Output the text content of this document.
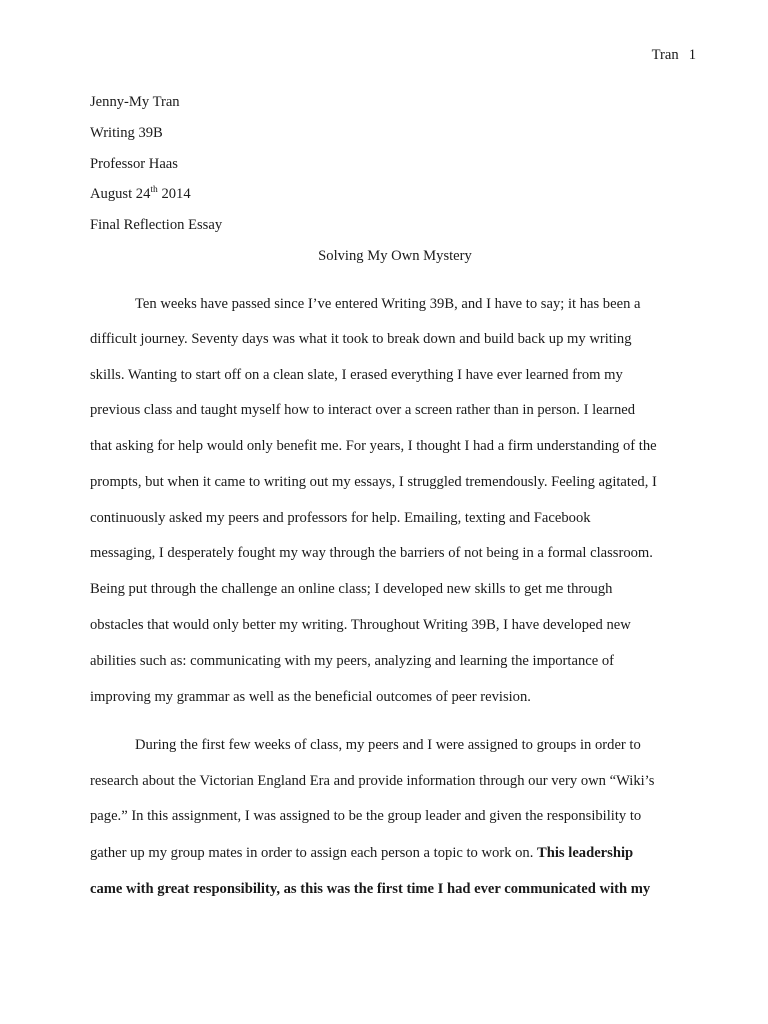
Tran 1
Jenny-My Tran
Writing 39B
Professor Haas
August 24th 2014
Final Reflection Essay
Solving My Own Mystery
Ten weeks have passed since I’ve entered Writing 39B, and I have to say; it has been a
difficult journey. Seventy days was what it took to break down and build back up my writing
skills. Wanting to start off on a clean slate, I erased everything I have ever learned from my
previous class and taught myself how to interact over a screen rather than in person. I learned
that asking for help would only benefit me. For years, I thought I had a firm understanding of the
prompts, but when it came to writing out my essays, I struggled tremendously. Feeling agitated, I
continuously asked my peers and professors for help. Emailing, texting and Facebook
messaging, I desperately fought my way through the barriers of not being in a formal classroom.
Being put through the challenge an online class; I developed new skills to get me through
obstacles that would only better my writing. Throughout Writing 39B, I have developed new
abilities such as: communicating with my peers, analyzing and learning the importance of
improving my grammar as well as the beneficial outcomes of peer revision.
During the first few weeks of class, my peers and I were assigned to groups in order to
research about the Victorian England Era and provide information through our very own “Wiki’s
page.” In this assignment, I was assigned to be the group leader and given the responsibility to
gather up my group mates in order to assign each person a topic to work on. This leadership
came with great responsibility, as this was the first time I had ever communicated with my
